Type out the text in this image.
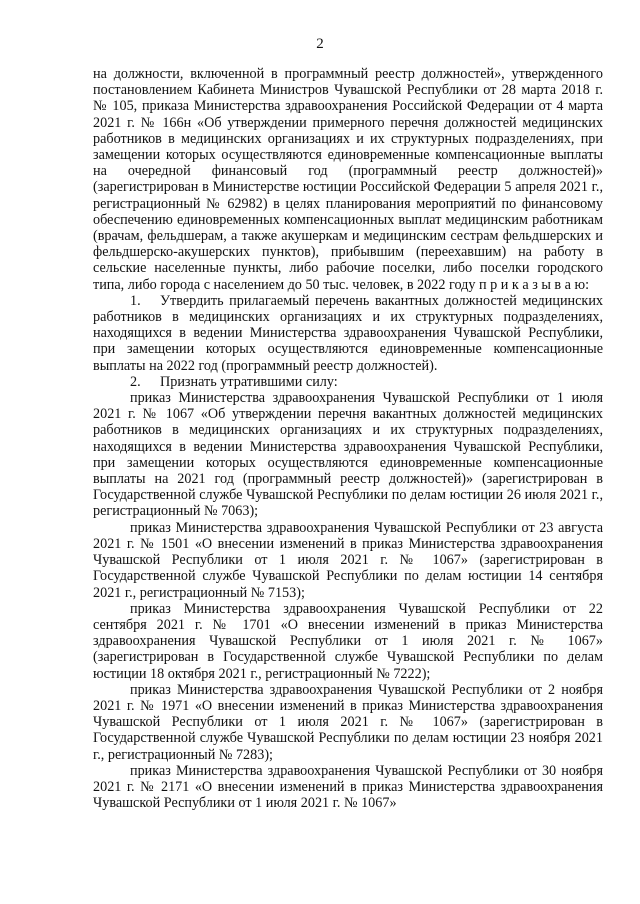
2

на должности, включенной в программный реестр должностей», утвержденного постановлением Кабинета Министров Чувашской Республики от 28 марта 2018 г. № 105, приказа Министерства здравоохранения Российской Федерации от 4 марта 2021 г. № 166н «Об утверждении примерного перечня должностей медицинских работников в медицинских организациях и их структурных подразделениях, при замещении которых осуществляются единовременные компенсационные выплаты на очередной финансовый год (программный реестр должностей)» (зарегистрирован в Министерстве юстиции Российской Федерации 5 апреля 2021 г., регистрационный № 62982) в целях планирования мероприятий по финансовому обеспечению единовременных компенсационных выплат медицинским работникам (врачам, фельдшерам, а также акушеркам и медицинским сестрам фельдшерских и фельдшерско-акушерских пунктов), прибывшим (переехавшим) на работу в сельские населенные пункты, либо рабочие поселки, либо поселки городского типа, либо города с населением до 50 тыс. человек, в 2022 году п р и к а з ы в а ю:

1. Утвердить прилагаемый перечень вакантных должностей медицинских работников в медицинских организациях и их структурных подразделениях, находящихся в ведении Министерства здравоохранения Чувашской Республики, при замещении которых осуществляются единовременные компенсационные выплаты на 2022 год (программный реестр должностей).

2. Признать утратившими силу:

приказ Министерства здравоохранения Чувашской Республики от 1 июля 2021 г. № 1067 «Об утверждении перечня вакантных должностей медицинских работников в медицинских организациях и их структурных подразделениях, находящихся в ведении Министерства здравоохранения Чувашской Республики, при замещении которых осуществляются единовременные компенсационные выплаты на 2021 год (программный реестр должностей)» (зарегистрирован в Государственной службе Чувашской Республики по делам юстиции 26 июля 2021 г., регистрационный № 7063);

приказ Министерства здравоохранения Чувашской Республики от 23 августа 2021 г. № 1501 «О внесении изменений в приказ Министерства здравоохранения Чувашской Республики от 1 июля 2021 г. № 1067» (зарегистрирован в Государственной службе Чувашской Республики по делам юстиции 14 сентября 2021 г., регистрационный № 7153);

приказ Министерства здравоохранения Чувашской Республики от 22 сентября 2021 г. № 1701 «О внесении изменений в приказ Министерства здравоохранения Чувашской Республики от 1 июля 2021 г. № 1067» (зарегистрирован в Государственной службе Чувашской Республики по делам юстиции 18 октября 2021 г., регистрационный № 7222);

приказ Министерства здравоохранения Чувашской Республики от 2 ноября 2021 г. № 1971 «О внесении изменений в приказ Министерства здравоохранения Чувашской Республики от 1 июля 2021 г. № 1067» (зарегистрирован в Государственной службе Чувашской Республики по делам юстиции 23 ноября 2021 г., регистрационный № 7283);

приказ Министерства здравоохранения Чувашской Республики от 30 ноября 2021 г. № 2171 «О внесении изменений в приказ Министерства здравоохранения Чувашской Республики от 1 июля 2021 г. № 1067»
